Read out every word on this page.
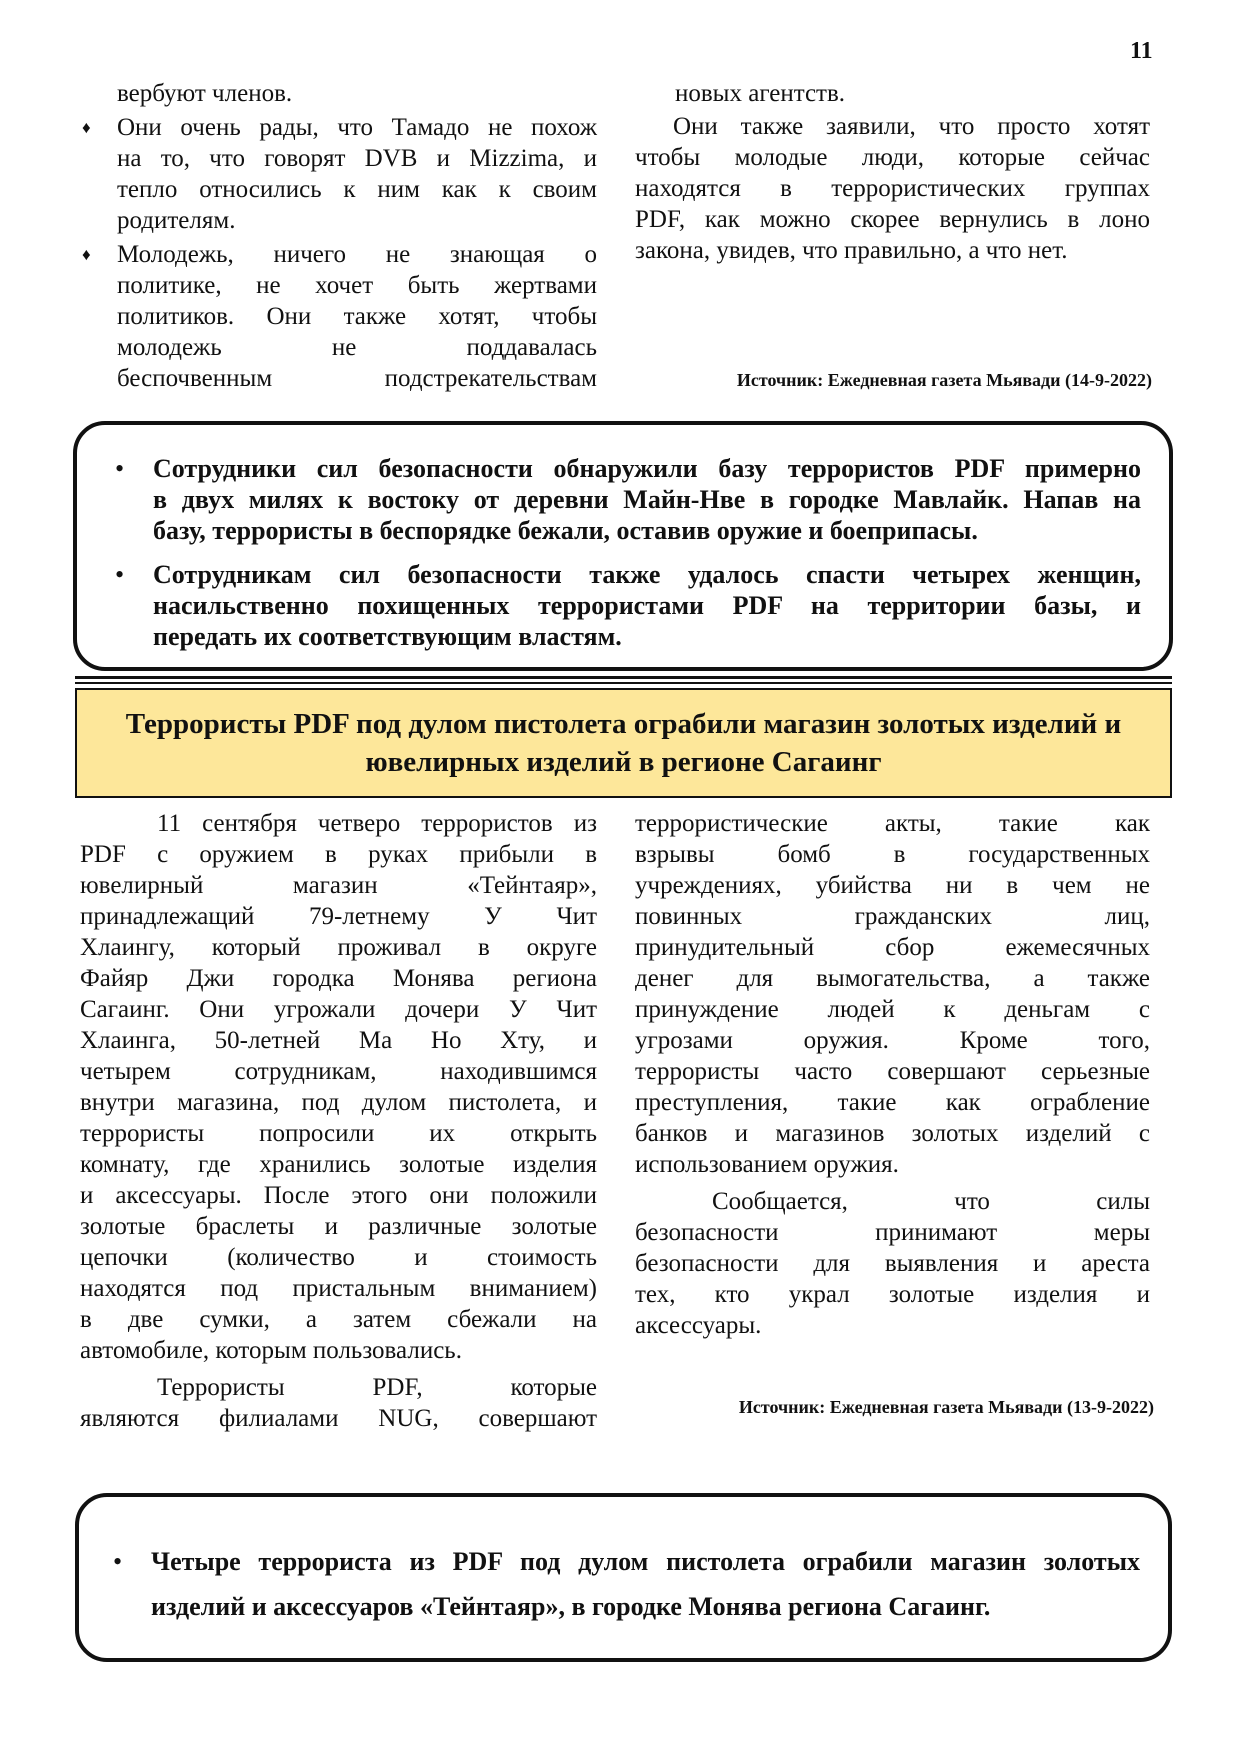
11
вербуют членов.
♦ Они очень рады, что Тамадо не похож
на то, что говорят DVB и Mizzima, и
тепло относились к ним как к своим
родителям.
♦ Молодежь, ничего не знающая о
политике, не хочет быть жертвами
политиков. Они также хотят, чтобы
молодежь не поддавалась
беспочвенным подстрекательствам
новых агентств.
Они также заявили, что просто хотят
чтобы молодые люди, которые сейчас
находятся в террористических группах
PDF, как можно скорее вернулись в лоно
закона, увидев, что правильно, а что нет.
Источник: Ежедневная газета Мьявади (14-9-2022)
• Сотрудники сил безопасности обнаружили базу террористов PDF примерно
в двух милях к востоку от деревни Майн-Нве в городке Мавлайк. Напав на
базу, террористы в беспорядке бежали, оставив оружие и боеприпасы.
• Сотрудникам сил безопасности также удалось спасти четырех женщин,
насильственно похищенных террористами PDF на территории базы, и
передать их соответствующим властям.
Террористы PDF под дулом пистолета ограбили магазин золотых изделий и
ювелирных изделий в регионе Сагаинг
11 сентября четверо террористов из
PDF с оружием в руках прибыли в
ювелирный магазин «Тейнтаяр»,
принадлежащий 79-летнему У Чит
Хлаингу, который проживал в округе
Файяр Джи городка Монява региона
Сагаинг. Они угрожали дочери У Чит
Хлаинга, 50-летней Ма Но Хту, и
четырем сотрудникам, находившимся
внутри магазина, под дулом пистолета, и
террористы попросили их открыть
комнату, где хранились золотые изделия
и аксессуары. После этого они положили
золотые браслеты и различные золотые
цепочки (количество и стоимость
находятся под пристальным вниманием)
в две сумки, а затем сбежали на
автомобиле, которым пользовались.
Террористы PDF, которые
являются филиалами NUG, совершают
террористические акты, такие как
взрывы бомб в государственных
учреждениях, убийства ни в чем не
повинных гражданских лиц,
принудительный сбор ежемесячных
денег для вымогательства, а также
принуждение людей к деньгам с
угрозами оружия. Кроме того,
террористы часто совершают серьезные
преступления, такие как ограбление
банков и магазинов золотых изделий с
использованием оружия.
Сообщается, что силы
безопасности принимают меры
безопасности для выявления и ареста
тех, кто украл золотые изделия и
аксессуары.
Источник: Ежедневная газета Мьявади (13-9-2022)
• Четыре террориста из PDF под дулом пистолета ограбили магазин золотых
изделий и аксессуаров «Тейнтаяр», в городке Монява региона Сагаинг.
